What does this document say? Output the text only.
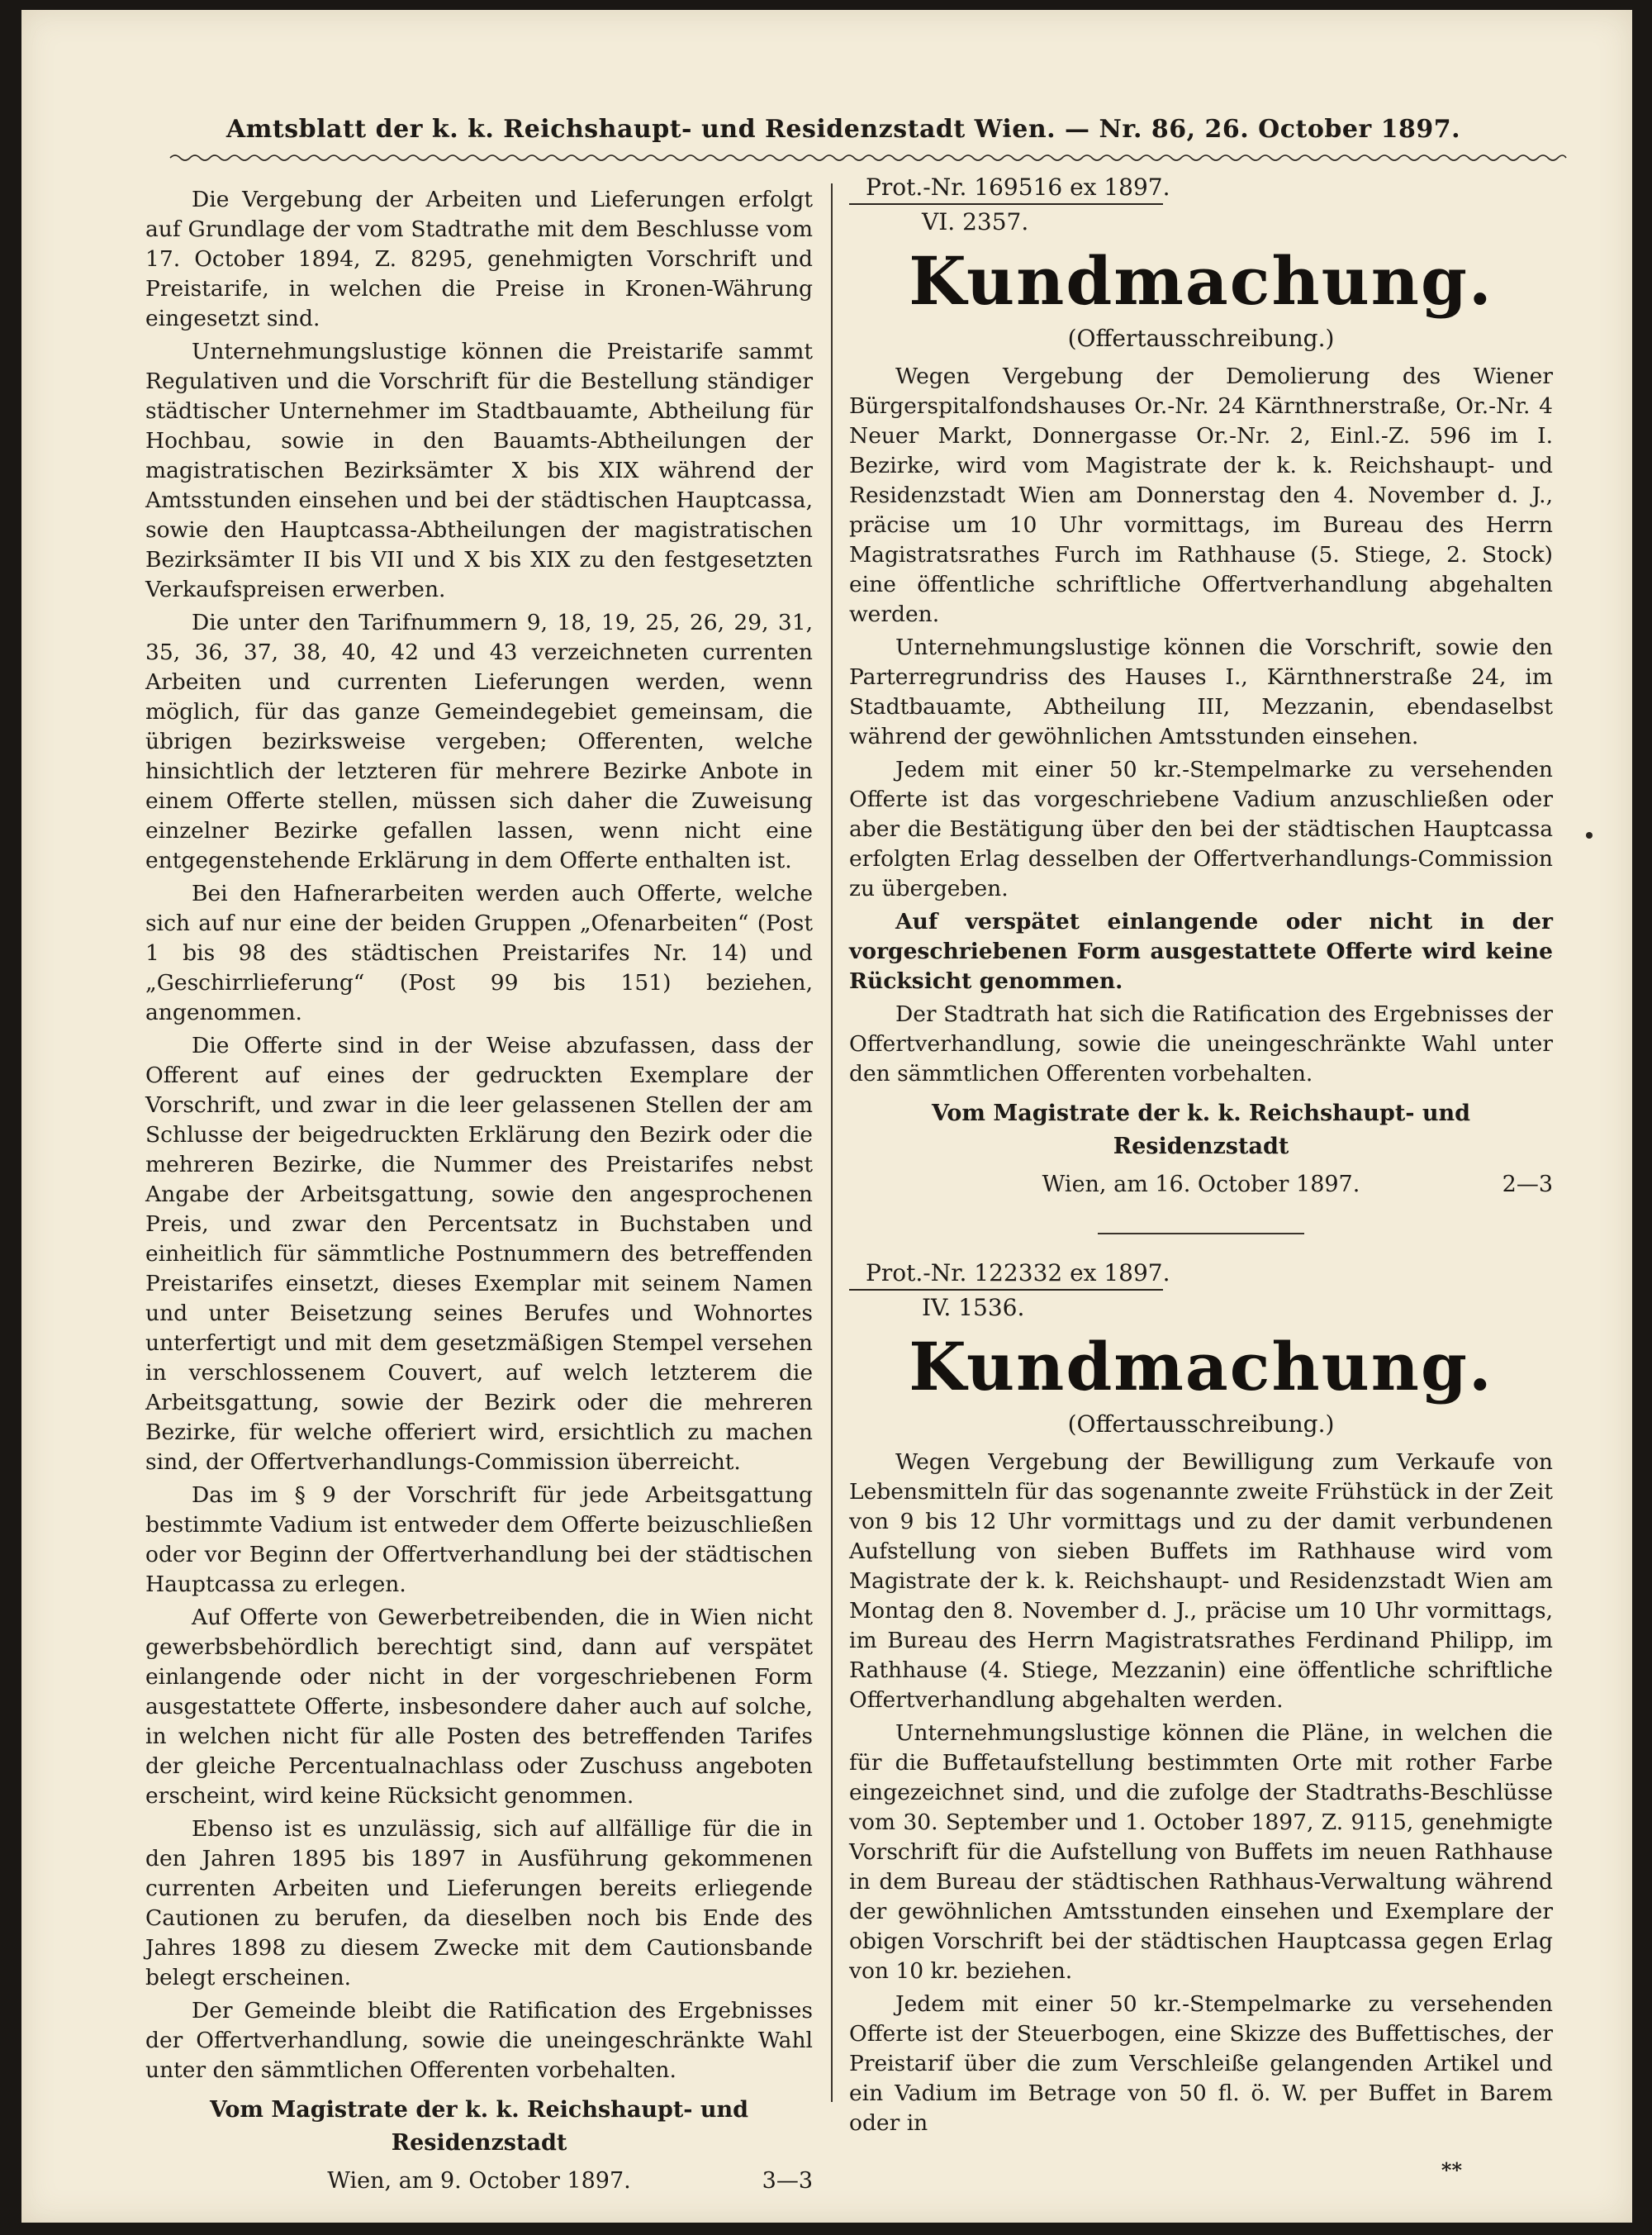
Amtsblatt der k. k. Reichshaupt- und Residenzstadt Wien. — Nr. 86, 26. October 1897.

Die Vergebung der Arbeiten und Lieferungen erfolgt auf Grundlage der vom Stadtrathe mit dem Beschlusse vom 17. October 1894, Z. 8295, genehmigten Vorschrift und Preistarife, in welchen die Preise in Kronen-Währung eingesetzt sind.

Unternehmungslustige können die Preistarife sammt Regulativen und die Vorschrift für die Bestellung ständiger städtischer Unternehmer im Stadtbauamte, Abtheilung für Hochbau, sowie in den Bauamts-Abtheilungen der magistratischen Bezirksämter X bis XIX während der Amtsstunden einsehen und bei der städtischen Hauptcassa, sowie den Hauptcassa-Abtheilungen der magistratischen Bezirksämter II bis VII und X bis XIX zu den festgesetzten Verkaufspreisen erwerben.

Die unter den Tarifnummern 9, 18, 19, 25, 26, 29, 31, 35, 36, 37, 38, 40, 42 und 43 verzeichneten currenten Arbeiten und currenten Lieferungen werden, wenn möglich, für das ganze Gemeindegebiet gemeinsam, die übrigen bezirksweise vergeben; Offerenten, welche hinsichtlich der letzteren für mehrere Bezirke Anbote in einem Offerte stellen, müssen sich daher die Zuweisung einzelner Bezirke gefallen lassen, wenn nicht eine entgegenstehende Erklärung in dem Offerte enthalten ist.

Bei den Hafnerarbeiten werden auch Offerte, welche sich auf nur eine der beiden Gruppen „Ofenarbeiten“ (Post 1 bis 98 des städtischen Preistarifes Nr. 14) und „Geschirrlieferung“ (Post 99 bis 151) beziehen, angenommen.

Die Offerte sind in der Weise abzufassen, dass der Offerent auf eines der gedruckten Exemplare der Vorschrift, und zwar in die leer gelassenen Stellen der am Schlusse der beigedruckten Erklärung den Bezirk oder die mehreren Bezirke, die Nummer des Preistarifes nebst Angabe der Arbeitsgattung, sowie den angesprochenen Preis, und zwar den Percentsatz in Buchstaben und einheitlich für sämmtliche Postnummern des betreffenden Preistarifes einsetzt, dieses Exemplar mit seinem Namen und unter Beisetzung seines Berufes und Wohnortes unterfertigt und mit dem gesetzmäßigen Stempel versehen in verschlossenem Couvert, auf welch letzterem die Arbeitsgattung, sowie der Bezirk oder die mehreren Bezirke, für welche offeriert wird, ersichtlich zu machen sind, der Offertverhandlungs-Commission überreicht.

Das im § 9 der Vorschrift für jede Arbeitsgattung bestimmte Vadium ist entweder dem Offerte beizuschließen oder vor Beginn der Offertverhandlung bei der städtischen Hauptcassa zu erlegen.

Auf Offerte von Gewerbetreibenden, die in Wien nicht gewerbsbehördlich berechtigt sind, dann auf verspätet einlangende oder nicht in der vorgeschriebenen Form ausgestattete Offerte, insbesondere daher auch auf solche, in welchen nicht für alle Posten des betreffenden Tarifes der gleiche Percentualnachlass oder Zuschuss angeboten erscheint, wird keine Rücksicht genommen.

Ebenso ist es unzulässig, sich auf allfällige für die in den Jahren 1895 bis 1897 in Ausführung gekommenen currenten Arbeiten und Lieferungen bereits erliegende Cautionen zu berufen, da dieselben noch bis Ende des Jahres 1898 zu diesem Zwecke mit dem Cautionsbande belegt erscheinen.

Der Gemeinde bleibt die Ratification des Ergebnisses der Offertverhandlung, sowie die uneingeschränkte Wahl unter den sämmtlichen Offerenten vorbehalten.

Vom Magistrate der k. k. Reichshaupt- und Residenzstadt

Wien, am 9. October 1897.	3—3

Prot.-Nr. 169516 ex 1897.

VI. 2357.

Kundmachung.

(Offertausschreibung.)

Wegen Vergebung der Demolierung des Wiener Bürgerspitalfondshauses Or.-Nr. 24 Kärnthnerstraße, Or.-Nr. 4 Neuer Markt, Donnergasse Or.-Nr. 2, Einl.-Z. 596 im I. Bezirke, wird vom Magistrate der k. k. Reichshaupt- und Residenzstadt Wien am Donnerstag den 4. November d. J., präcise um 10 Uhr vormittags, im Bureau des Herrn Magistratsrathes Furch im Rathhause (5. Stiege, 2. Stock) eine öffentliche schriftliche Offertverhandlung abgehalten werden.

Unternehmungslustige können die Vorschrift, sowie den Parterregrundriss des Hauses I., Kärnthnerstraße 24, im Stadtbauamte, Abtheilung III, Mezzanin, ebendaselbst während der gewöhnlichen Amtsstunden einsehen.

Jedem mit einer 50 kr.-Stempelmarke zu versehenden Offerte ist das vorgeschriebene Vadium anzuschließen oder aber die Bestätigung über den bei der städtischen Hauptcassa erfolgten Erlag desselben der Offertverhandlungs-Commission zu übergeben.

Auf verspätet einlangende oder nicht in der vorgeschriebenen Form ausgestattete Offerte wird keine Rücksicht genommen.

Der Stadtrath hat sich die Ratification des Ergebnisses der Offertverhandlung, sowie die uneingeschränkte Wahl unter den sämmtlichen Offerenten vorbehalten.

Vom Magistrate der k. k. Reichshaupt- und Residenzstadt

Wien, am 16. October 1897.	2—3

Prot.-Nr. 122332 ex 1897.

IV. 1536.

Kundmachung.

(Offertausschreibung.)

Wegen Vergebung der Bewilligung zum Verkaufe von Lebensmitteln für das sogenannte zweite Frühstück in der Zeit von 9 bis 12 Uhr vormittags und zu der damit verbundenen Aufstellung von sieben Buffets im Rathhause wird vom Magistrate der k. k. Reichshaupt- und Residenzstadt Wien am Montag den 8. November d. J., präcise um 10 Uhr vormittags, im Bureau des Herrn Magistratsrathes Ferdinand Philipp, im Rathhause (4. Stiege, Mezzanin) eine öffentliche schriftliche Offertverhandlung abgehalten werden.

Unternehmungslustige können die Pläne, in welchen die für die Buffetaufstellung bestimmten Orte mit rother Farbe eingezeichnet sind, und die zufolge der Stadtraths-Beschlüsse vom 30. September und 1. October 1897, Z. 9115, genehmigte Vorschrift für die Aufstellung von Buffets im neuen Rathhause in dem Bureau der städtischen Rathhaus-Verwaltung während der gewöhnlichen Amtsstunden einsehen und Exemplare der obigen Vorschrift bei der städtischen Hauptcassa gegen Erlag von 10 kr. beziehen.

Jedem mit einer 50 kr.-Stempelmarke zu versehenden Offerte ist der Steuerbogen, eine Skizze des Buffettisches, der Preistarif über die zum Verschleiße gelangenden Artikel und ein Vadium im Betrage von 50 fl. ö. W. per Buffet in Barem oder in

**
